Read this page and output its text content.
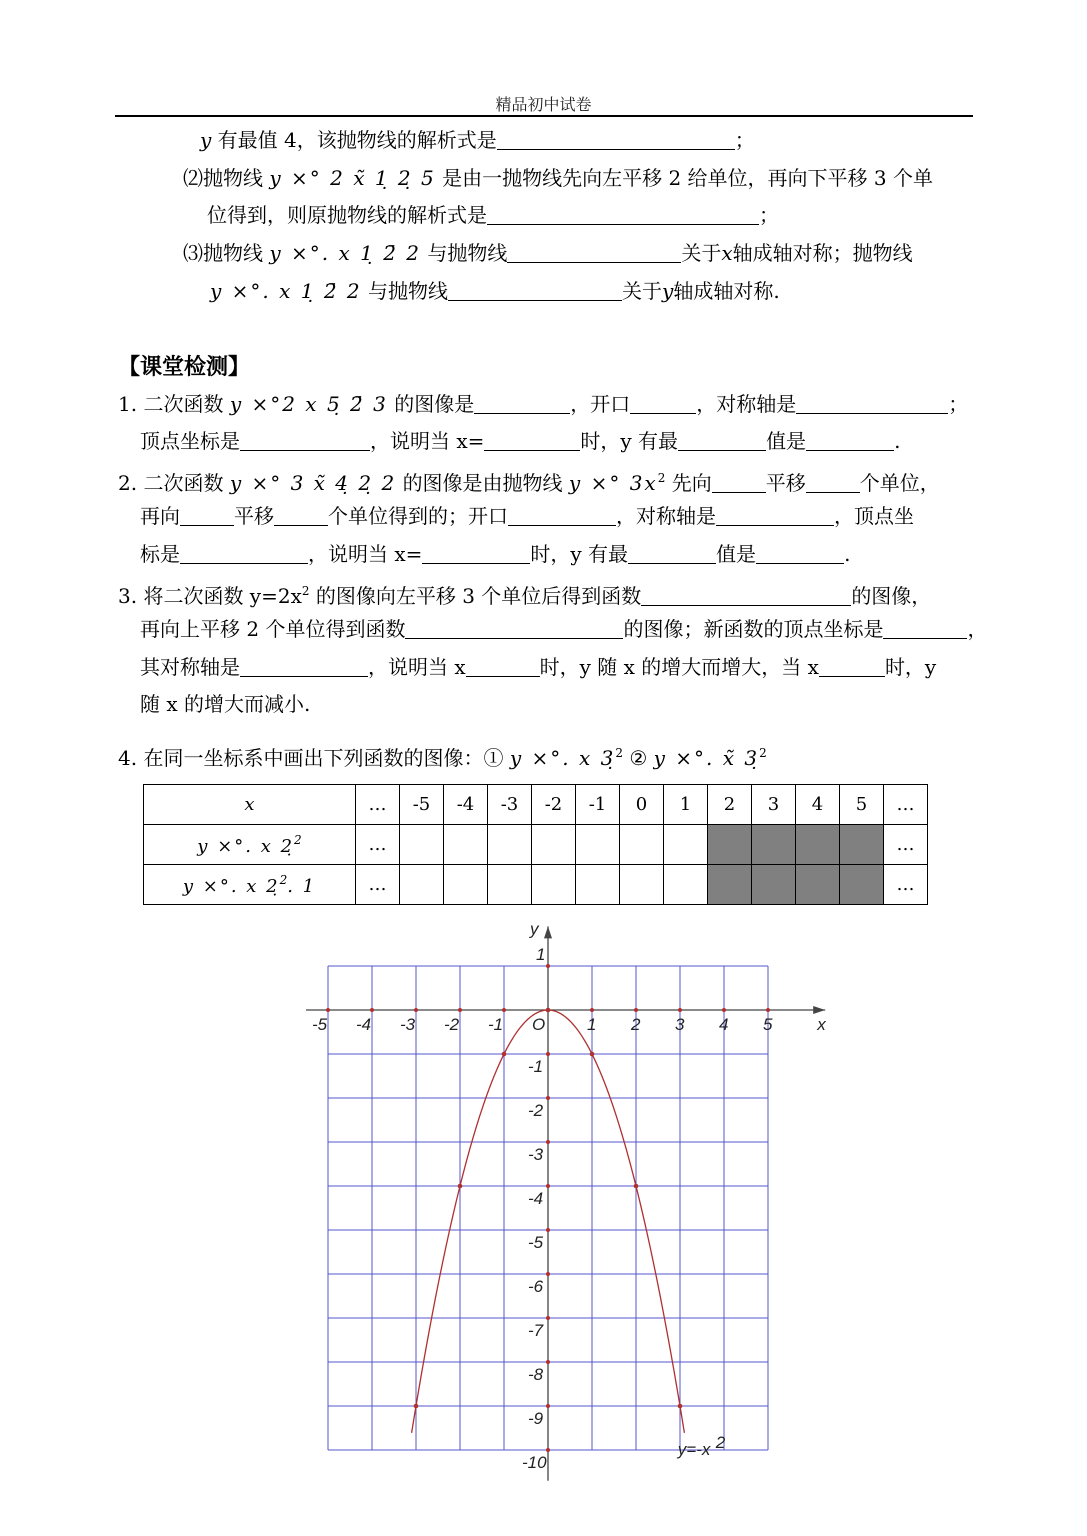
精品初中试卷
y 有最值 4，该抛物线的解析式是	；
⑵抛物线 y ×° 2 x̃ 1̣ 2̣ 5 是由一抛物线先向左平移 2 给单位，再向下平移 3 个单
位得到，则原抛物线的解析式是	；
⑶抛物线 y ×°. x 1̣ 2̄ 2 与抛物线	关于x轴成轴对称；抛物线
y ×°. x 1̣ 2̄ 2 与抛物线	关于y轴成轴对称.
【课堂检测】
1. 二次函数 y ×°2 x 5̣ 2̄ 3 的图像是	，开口	，对称轴是	；
顶点坐标是	，说明当 x=	时，y 有最	值是	.
2. 二次函数 y ×° 3 x̃ 4̣ 2̣ 2 的图像是由抛物线 y ×° $3x^2$ 先向	平移	个单位，
再向	平移	个单位得到的；开口	，对称轴是	，顶点坐
标是	，说明当 x=	时，y 有最	值是	.
3. 将二次函数 $y=2x^2$ 的图像向左平移 3 个单位后得到函数	的图像，
再向上平移 2 个单位得到函数	的图像；新函数的顶点坐标是	，
其对称轴是	，说明当 x	时，y 随 x 的增大而增大，当 x	时，y
随 x 的增大而减小.
4. 在同一坐标系中画出下列函数的图像：① y ×°. x 3̣$^2$ ② y ×°. x̃ 3̣$^2$
x	…	-5	-4	-3	-2	-1	0	1	2	3	4	5	…
y ×°. x 2̣$^2$	…												…
y ×°. x 2̣$^2$. 1	…												…
x
y
O
-5 -4 -3 -2 -1	1 2 3 4 5
1
-1
-2
-3
-4
-5
-6
-7
-8
-9
-10
y=-x 2
